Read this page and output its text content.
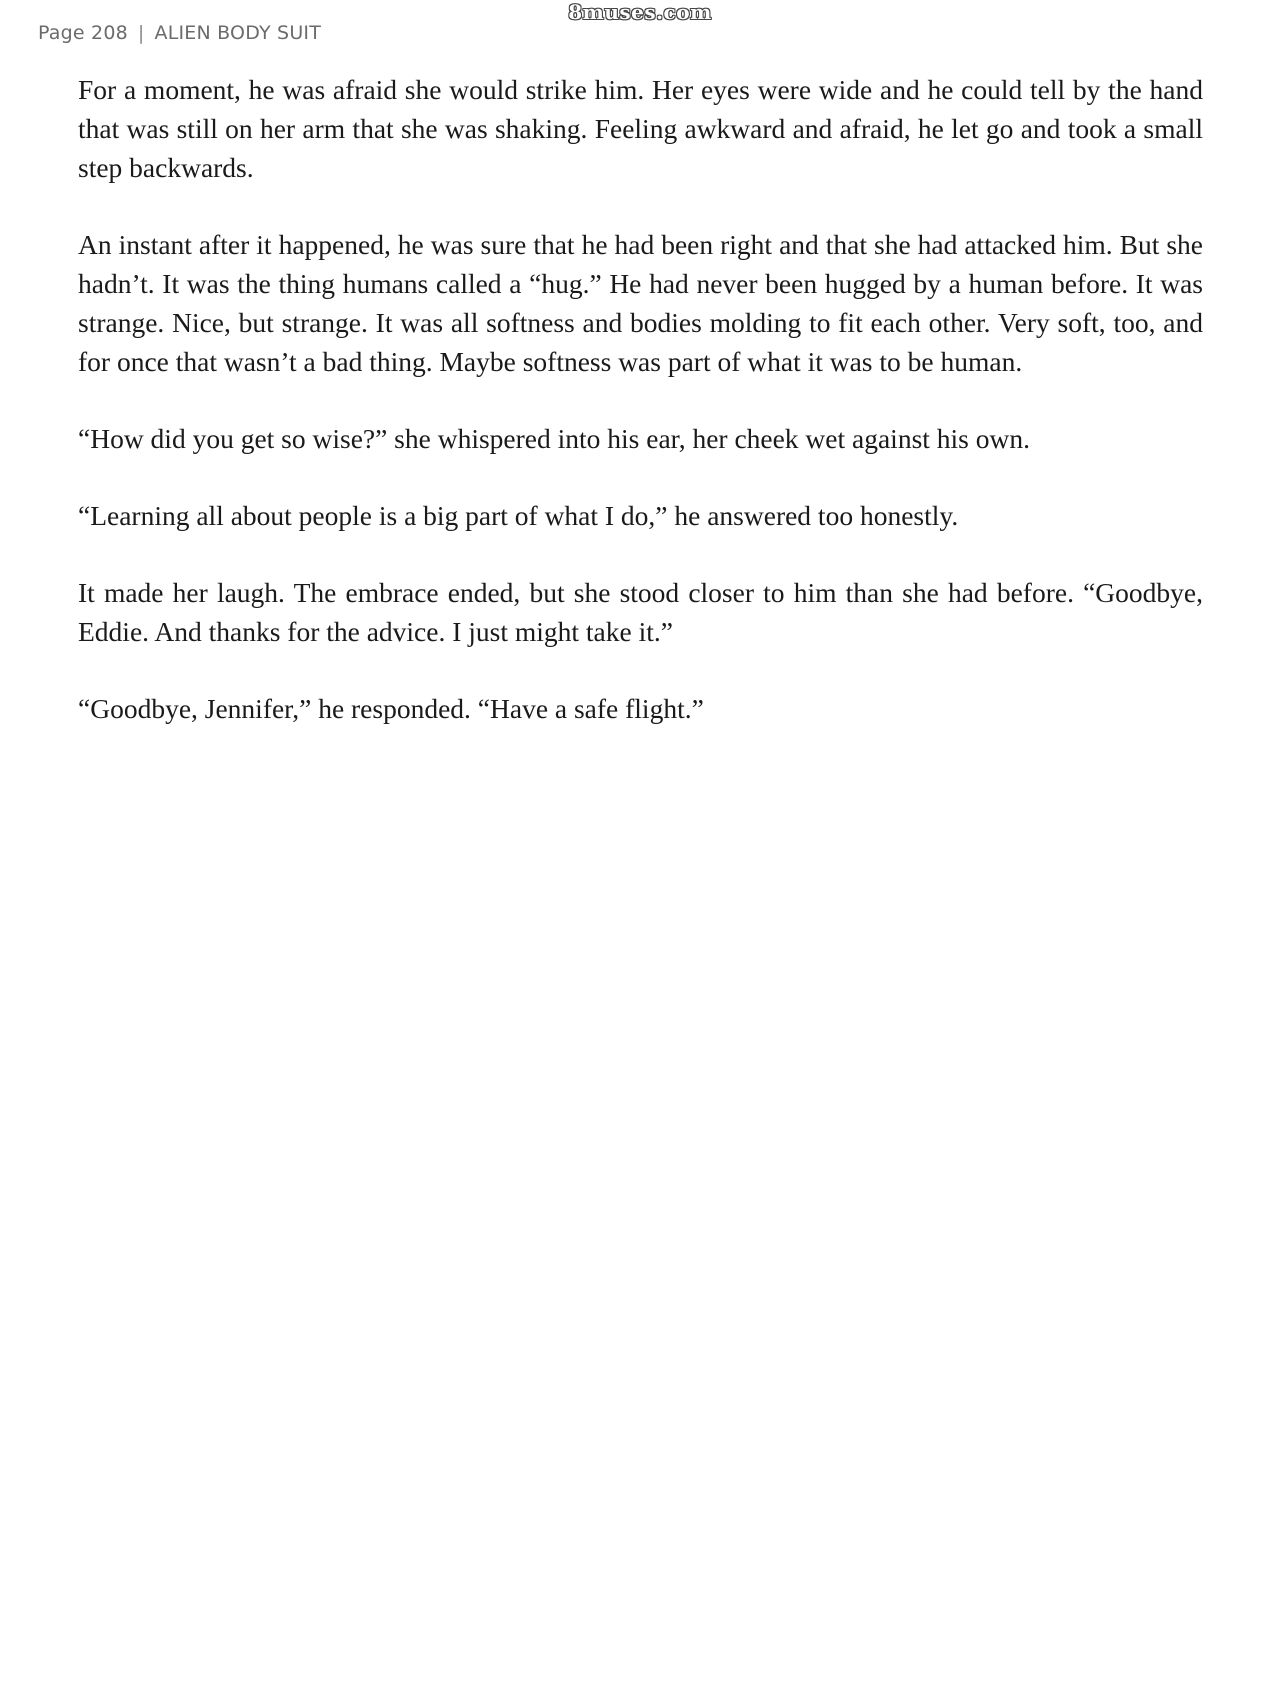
Page 208 | ALIEN BODY SUIT
8muses.com

For a moment, he was afraid she would strike him. Her eyes were wide and he could tell by the hand that was still on her arm that she was shaking. Feeling awkward and afraid, he let go and took a small step backwards.

An instant after it happened, he was sure that he had been right and that she had attacked him. But she hadn’t. It was the thing humans called a “hug.” He had never been hugged by a human before. It was strange. Nice, but strange. It was all softness and bodies molding to fit each other. Very soft, too, and for once that wasn’t a bad thing. Maybe softness was part of what it was to be human.

“How did you get so wise?” she whispered into his ear, her cheek wet against his own.

“Learning all about people is a big part of what I do,” he answered too honestly.

It made her laugh. The embrace ended, but she stood closer to him than she had before. “Goodbye, Eddie. And thanks for the advice. I just might take it.”

“Goodbye, Jennifer,” he responded. “Have a safe flight.”
